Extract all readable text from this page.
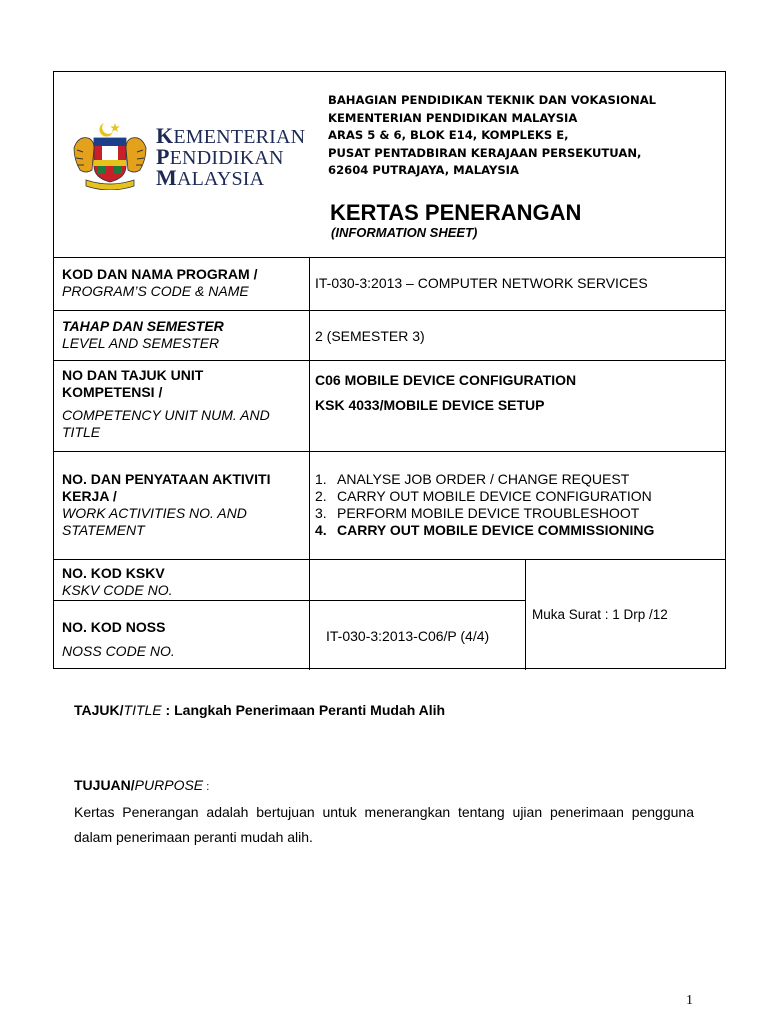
KEMENTERIAN
PENDIDIKAN
MALAYSIA
BAHAGIAN PENDIDIKAN TEKNIK DAN VOKASIONAL
KEMENTERIAN PENDIDIKAN MALAYSIA
ARAS 5 & 6, BLOK E14, KOMPLEKS E,
PUSAT PENTADBIRAN KERAJAAN PERSEKUTUAN,
62604 PUTRAJAYA, MALAYSIA
KERTAS PENERANGAN
(INFORMATION SHEET)
KOD DAN NAMA PROGRAM /
PROGRAM’S CODE & NAME	IT-030-3:2013 – COMPUTER NETWORK SERVICES
TAHAP DAN SEMESTER
LEVEL AND SEMESTER	2 (SEMESTER 3)
NO DAN TAJUK UNIT
KOMPETENSI /
COMPETENCY UNIT NUM. AND
TITLE
C06 MOBILE DEVICE CONFIGURATION
KSK 4033/MOBILE DEVICE SETUP
NO. DAN PENYATAAN AKTIVITI
KERJA /
WORK ACTIVITIES NO. AND
STATEMENT
1. ANALYSE JOB ORDER / CHANGE REQUEST
2. CARRY OUT MOBILE DEVICE CONFIGURATION
3. PERFORM MOBILE DEVICE TROUBLESHOOT
4. CARRY OUT MOBILE DEVICE COMMISSIONING
NO. KOD KSKV
KSKV CODE NO.
NO. KOD NOSS
NOSS CODE NO.
IT-030-3:2013-C06/P (4/4)
Muka Surat : 1 Drp /12
TAJUK/TITLE : Langkah Penerimaan Peranti Mudah Alih
TUJUAN/PURPOSE :
Kertas Penerangan adalah bertujuan untuk menerangkan tentang ujian penerimaan pengguna dalam penerimaan peranti mudah alih.
1
